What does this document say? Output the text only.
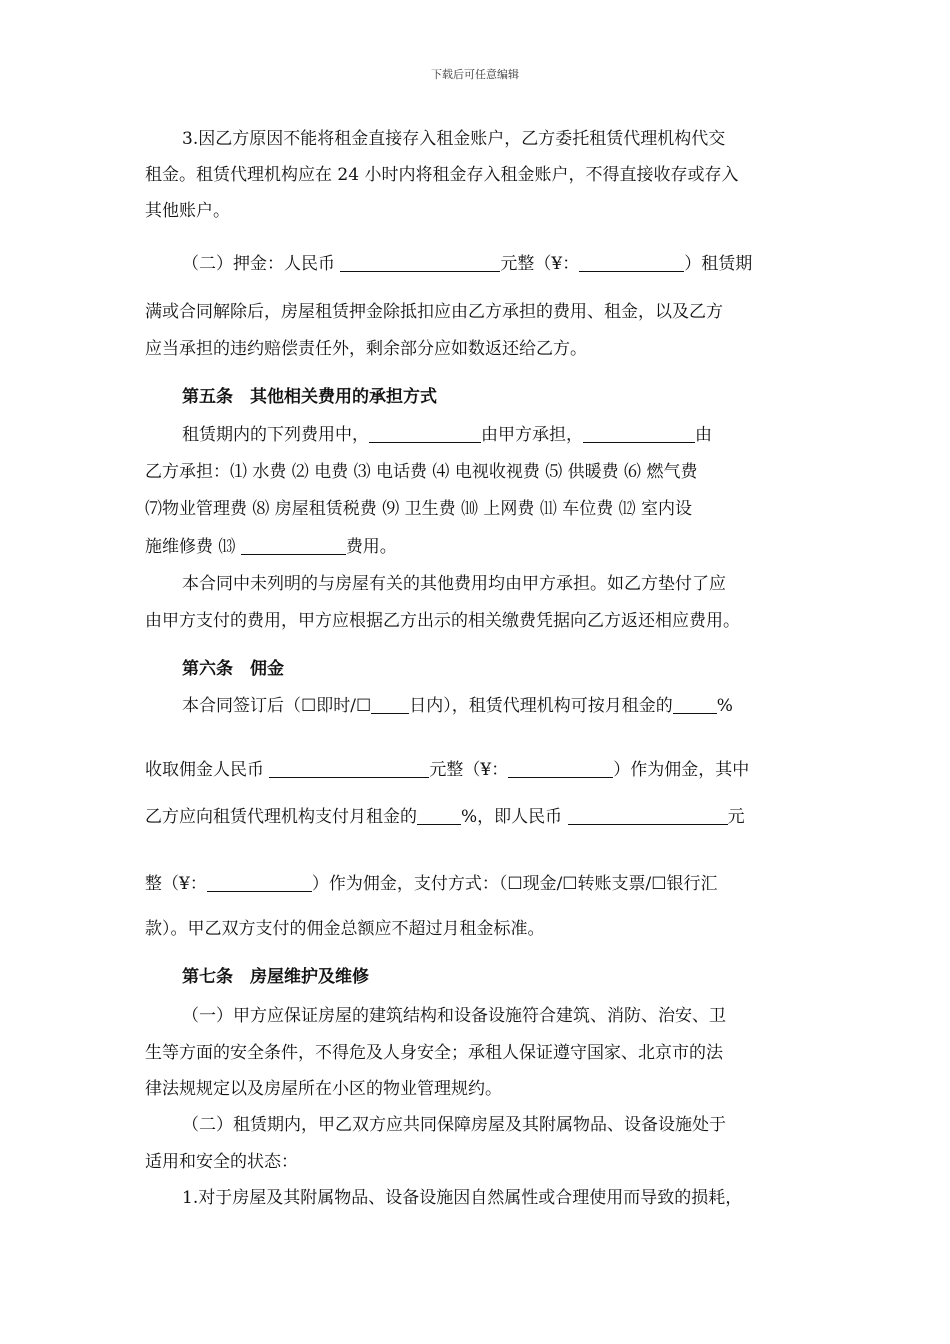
下载后可任意编辑
3.因乙方原因不能将租金直接存入租金账户，乙方委托租赁代理机构代交
租金。租赁代理机构应在 24 小时内将租金存入租金账户，不得直接收存或存入
其他账户。
（二）押金：人民币	元整（¥：	）租赁期
满或合同解除后，房屋租赁押金除抵扣应由乙方承担的费用、租金，以及乙方
应当承担的违约赔偿责任外，剩余部分应如数返还给乙方。
第五条　其他相关费用的承担方式
租赁期内的下列费用中，	由甲方承担，	由
乙方承担：⑴ 水费 ⑵ 电费 ⑶ 电话费 ⑷ 电视收视费 ⑸ 供暖费 ⑹ 燃气费
⑺物业管理费 ⑻ 房屋租赁税费 ⑼ 卫生费 ⑽ 上网费 ⑾ 车位费 ⑿ 室内设
施维修费 ⒀	费用。
本合同中未列明的与房屋有关的其他费用均由甲方承担。如乙方垫付了应
由甲方支付的费用，甲方应根据乙方出示的相关缴费凭据向乙方返还相应费用。
第六条　佣金
本合同签订后（☐即时/☐ 日内），租赁代理机构可按月租金的	%
收取佣金人民币	元整（¥：	）作为佣金，其中
乙方应向租赁代理机构支付月租金的	%，即人民币	元
整（¥：	）作为佣金，支付方式：（☐现金/☐转账支票/☐银行汇
款）。甲乙双方支付的佣金总额应不超过月租金标准。
第七条　房屋维护及维修
（一）甲方应保证房屋的建筑结构和设备设施符合建筑、消防、治安、卫
生等方面的安全条件，不得危及人身安全；承租人保证遵守国家、北京市的法
律法规规定以及房屋所在小区的物业管理规约。
（二）租赁期内，甲乙双方应共同保障房屋及其附属物品、设备设施处于
适用和安全的状态：
1.对于房屋及其附属物品、设备设施因自然属性或合理使用而导致的损耗，
